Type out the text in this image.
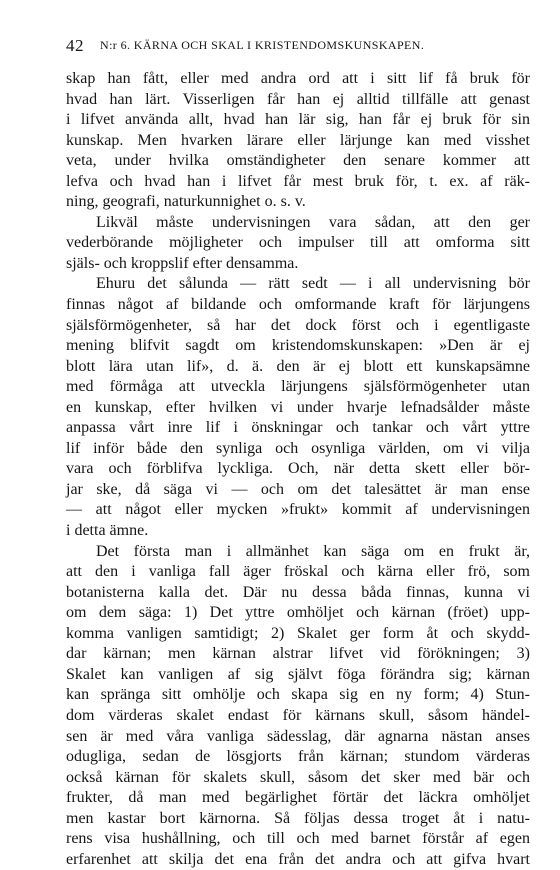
42 N:r 6. KÄRNA OCH SKAL I KRISTENDOMSKUNSKAPEN.
skap han fått, eller med andra ord att i sitt lif få bruk för
hvad han lärt. Visserligen får han ej alltid tillfälle att genast
i lifvet använda allt, hvad han lär sig, han får ej bruk för sin
kunskap. Men hvarken lärare eller lärjunge kan med visshet
veta, under hvilka omständigheter den senare kommer att
lefva och hvad han i lifvet får mest bruk för, t. ex. af räk-
ning, geografi, naturkunnighet o. s. v.
Likväl måste undervisningen vara sådan, att den ger
vederbörande möjligheter och impulser till att omforma sitt
själs- och kroppslif efter densamma.
Ehuru det sålunda — rätt sedt — i all undervisning bör
finnas något af bildande och omformande kraft för lärjungens
själsförmögenheter, så har det dock först och i egentligaste
mening blifvit sagdt om kristendomskunskapen: »Den är ej
blott lära utan lif», d. ä. den är ej blott ett kunskapsämne
med förmåga att utveckla lärjungens själsförmögenheter utan
en kunskap, efter hvilken vi under hvarje lefnadsålder måste
anpassa vårt inre lif i önskningar och tankar och vårt yttre
lif inför både den synliga och osynliga världen, om vi vilja
vara och förblifva lyckliga. Och, när detta skett eller bör-
jar ske, då säga vi — och om det talesättet är man ense
— att något eller mycken »frukt» kommit af undervisningen
i detta ämne.
Det första man i allmänhet kan säga om en frukt är,
att den i vanliga fall äger fröskal och kärna eller frö, som
botanisterna kalla det. Där nu dessa båda finnas, kunna vi
om dem säga: 1) Det yttre omhöljet och kärnan (fröet) upp-
komma vanligen samtidigt; 2) Skalet ger form åt och skydd-
dar kärnan; men kärnan alstrar lifvet vid förökningen; 3)
Skalet kan vanligen af sig självt föga förändra sig; kärnan
kan spränga sitt omhölje och skapa sig en ny form; 4) Stun-
dom värderas skalet endast för kärnans skull, såsom händel-
sen är med våra vanliga sädesslag, där agnarna nästan anses
odugliga, sedan de lösgjorts från kärnan; stundom värderas
också kärnan för skalets skull, såsom det sker med bär och
frukter, då man med begärlighet förtär det läckra omhöljet
men kastar bort kärnorna. Så följas dessa troget åt i natu-
rens visa hushållning, och till och med barnet förstår af egen
erfarenhet att skilja det ena från det andra och att gifva hvart
